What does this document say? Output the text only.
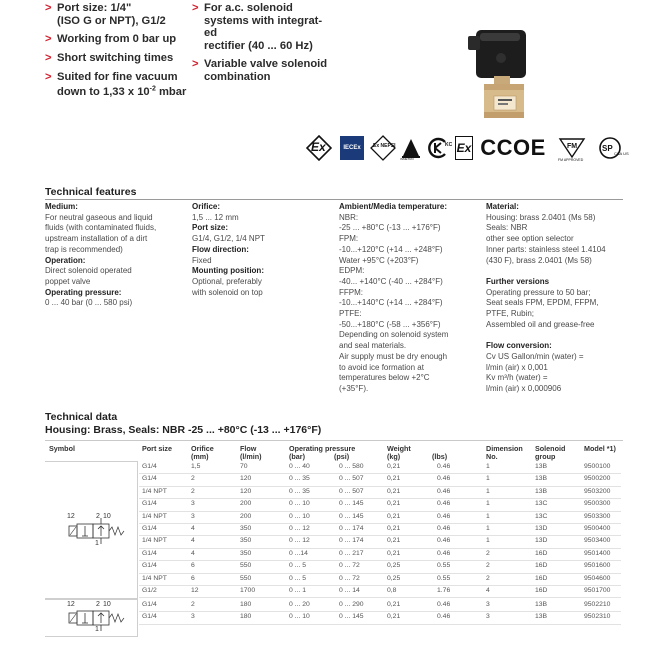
> Port size: 1/4"
(ISO G or NPT), G1/2
> Working from 0 bar up
> Short switching times
> Suited for fine vacuum
down to 1,33 x $10^{-2}$ mbar
> For a.c. solenoid
systems with integrat-
ed
rectifier (40 ... 60 Hz)
> Variable valve solenoid
combination
Ex	IECEx	Ex NEPSI
INMETRO
KC Ex CCOE	FM
FM APPROVED
SP
CSA US
Technical features
Medium:
For neutral gaseous and liquid
fluids (with contaminated fluids,
upstream installation of a dirt
trap is recommended)
Operation:
Direct solenoid operated
poppet valve
Operating pressure:
0 ... 40 bar (0 ... 580 psi)
Orifice:
1,5 ... 12 mm
Port size:
G1/4, G1/2, 1/4 NPT
Flow direction:
Fixed
Mounting position:
Optional, preferably
with solenoid on top
Ambient/Media temperature:
NBR:
-25 ... +80°C (-13 ... +176°F)
FPM:
-10...+120°C (+14 ... +248°F)
Water +95°C (+203°F)
EDPM:
-40... +140°C (-40 ... +284°F)
FFPM:
-10...+140°C (+14 ... +284°F)
PTFE:
-50...+180°C (-58 ... +356°F)
Depending on solenoid system
and seal materials.
Air supply must be dry enough
to avoid ice formation at
temperatures below +2°C
(+35°F).
Material:
Housing: brass 2.0401 (Ms 58)
Seals: NBR
other see option selector
Inner parts: stainless steel 1.4104
(430 F), brass 2.0401 (Ms 58)
Further versions
Operating pressure to 50 bar;
Seat seals FPM, EPDM, FFPM,
PTFE, Rubin;
Assembled oil and grease-free
Flow conversion:
Cv US Gallon/min (water) =
l/min (air) x 0,001
Kv m³/h (water) =
l/min (air) x 0,000906
Technical data
Housing: Brass, Seals: NBR -25 ... +80°C (-13 ... +176°F)
Symbol	Port size	Orifice
(mm)
Flow
(l/min)
Operating pressure
(bar)	(psi)
Weight
(kg)	(lbs)
Dimension
No.
Solenoid
group
Model *1)
12	2 10
1
12	2 10
1
G1/4	1,5	70	0 ... 40	0 ... 580	0,21	0.46	1	13B	9500100
G1/4	2	120	0 ... 35	0 ... 507	0,21	0.46	1	13B	9500200
1/4 NPT	2	120	0 ... 35	0 ... 507	0,21	0.46	1	13B	9503200
G1/4	3	200	0 ... 10	0 ... 145	0,21	0.46	1	13C	9500300
1/4 NPT	3	200	0 ... 10	0 ... 145	0,21	0.46	1	13C	9503300
G1/4	4	350	0 ... 12	0 ... 174	0,21	0.46	1	13D	9500400
1/4 NPT	4	350	0 ... 12	0 ... 174	0,21	0.46	1	13D	9503400
G1/4	4	350	0 ...14	0 ... 217	0,21	0.46	2	16D	9501400
G1/4	6	550	0 ... 5	0 ... 72	0,25	0.55	2	16D	9501600
1/4 NPT	6	550	0 ... 5	0 ... 72	0,25	0.55	2	16D	9504600
G1/2	12	1700	0 ... 1	0 ... 14	0,8	1.76	4	16D	9501700
G1/4	2	180	0 ... 20	0 ... 290	0,21	0.46	3	13B	9502210
G1/4	3	180	0 ... 10	0 ... 145	0,21	0.46	3	13B	9502310
